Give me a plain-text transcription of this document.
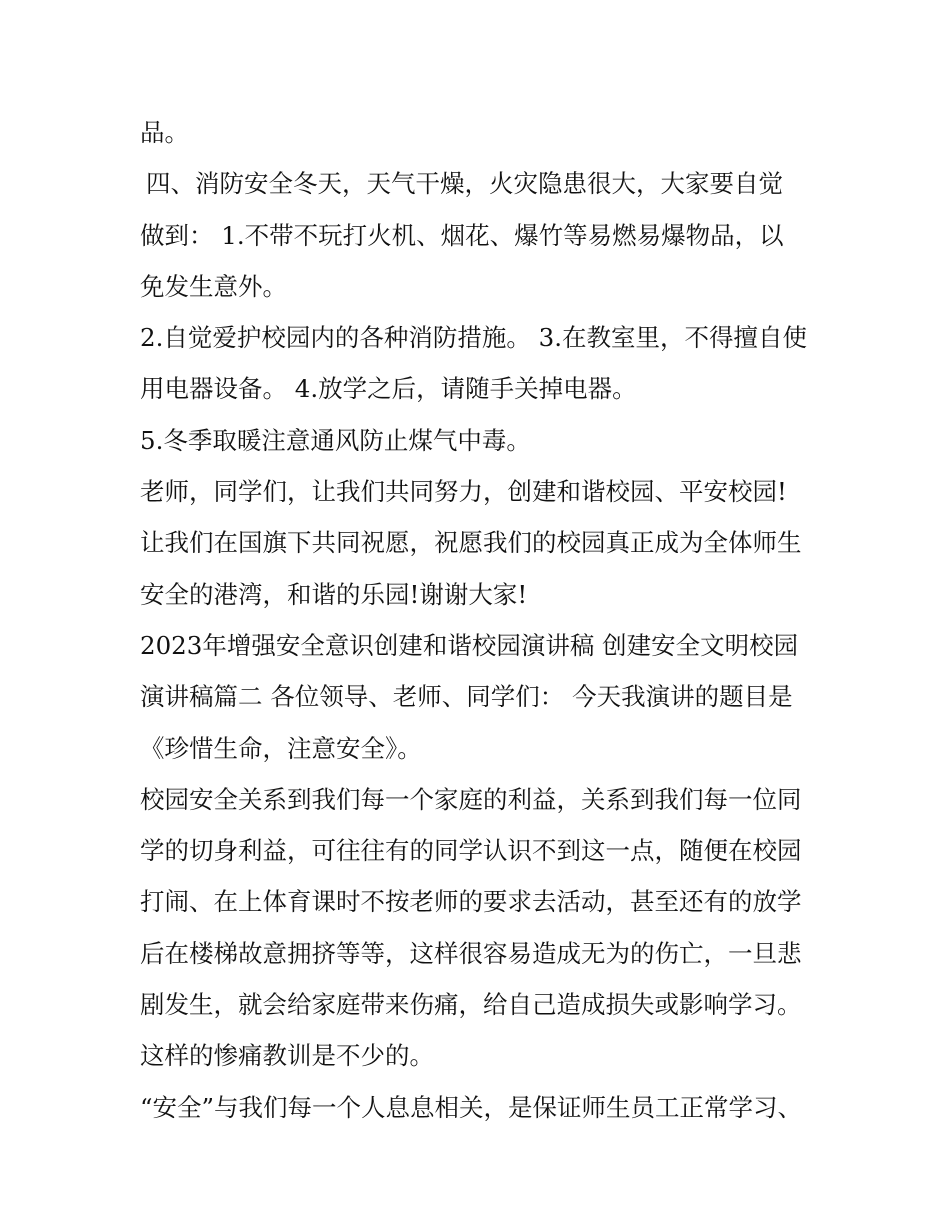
品。
四、消防安全冬天，天气干燥，火灾隐患很大，大家要自觉
做到： 1.不带不玩打火机、烟花、爆竹等易燃易爆物品，以
免发生意外。
2.自觉爱护校园内的各种消防措施。 3.在教室里，不得擅自使
用电器设备。 4.放学之后，请随手关掉电器。
5.冬季取暖注意通风防止煤气中毒。
老师，同学们，让我们共同努力，创建和谐校园、平安校园!
让我们在国旗下共同祝愿，祝愿我们的校园真正成为全体师生
安全的港湾，和谐的乐园!谢谢大家!
2023年增强安全意识创建和谐校园演讲稿 创建安全文明校园
演讲稿篇二 各位领导、老师、同学们： 今天我演讲的题目是
《珍惜生命，注意安全》。
校园安全关系到我们每一个家庭的利益，关系到我们每一位同
学的切身利益，可往往有的同学认识不到这一点，随便在校园
打闹、在上体育课时不按老师的要求去活动，甚至还有的放学
后在楼梯故意拥挤等等，这样很容易造成无为的伤亡，一旦悲
剧发生，就会给家庭带来伤痛，给自己造成损失或影响学习。
这样的惨痛教训是不少的。
“安全”与我们每一个人息息相关，是保证师生员工正常学习、
